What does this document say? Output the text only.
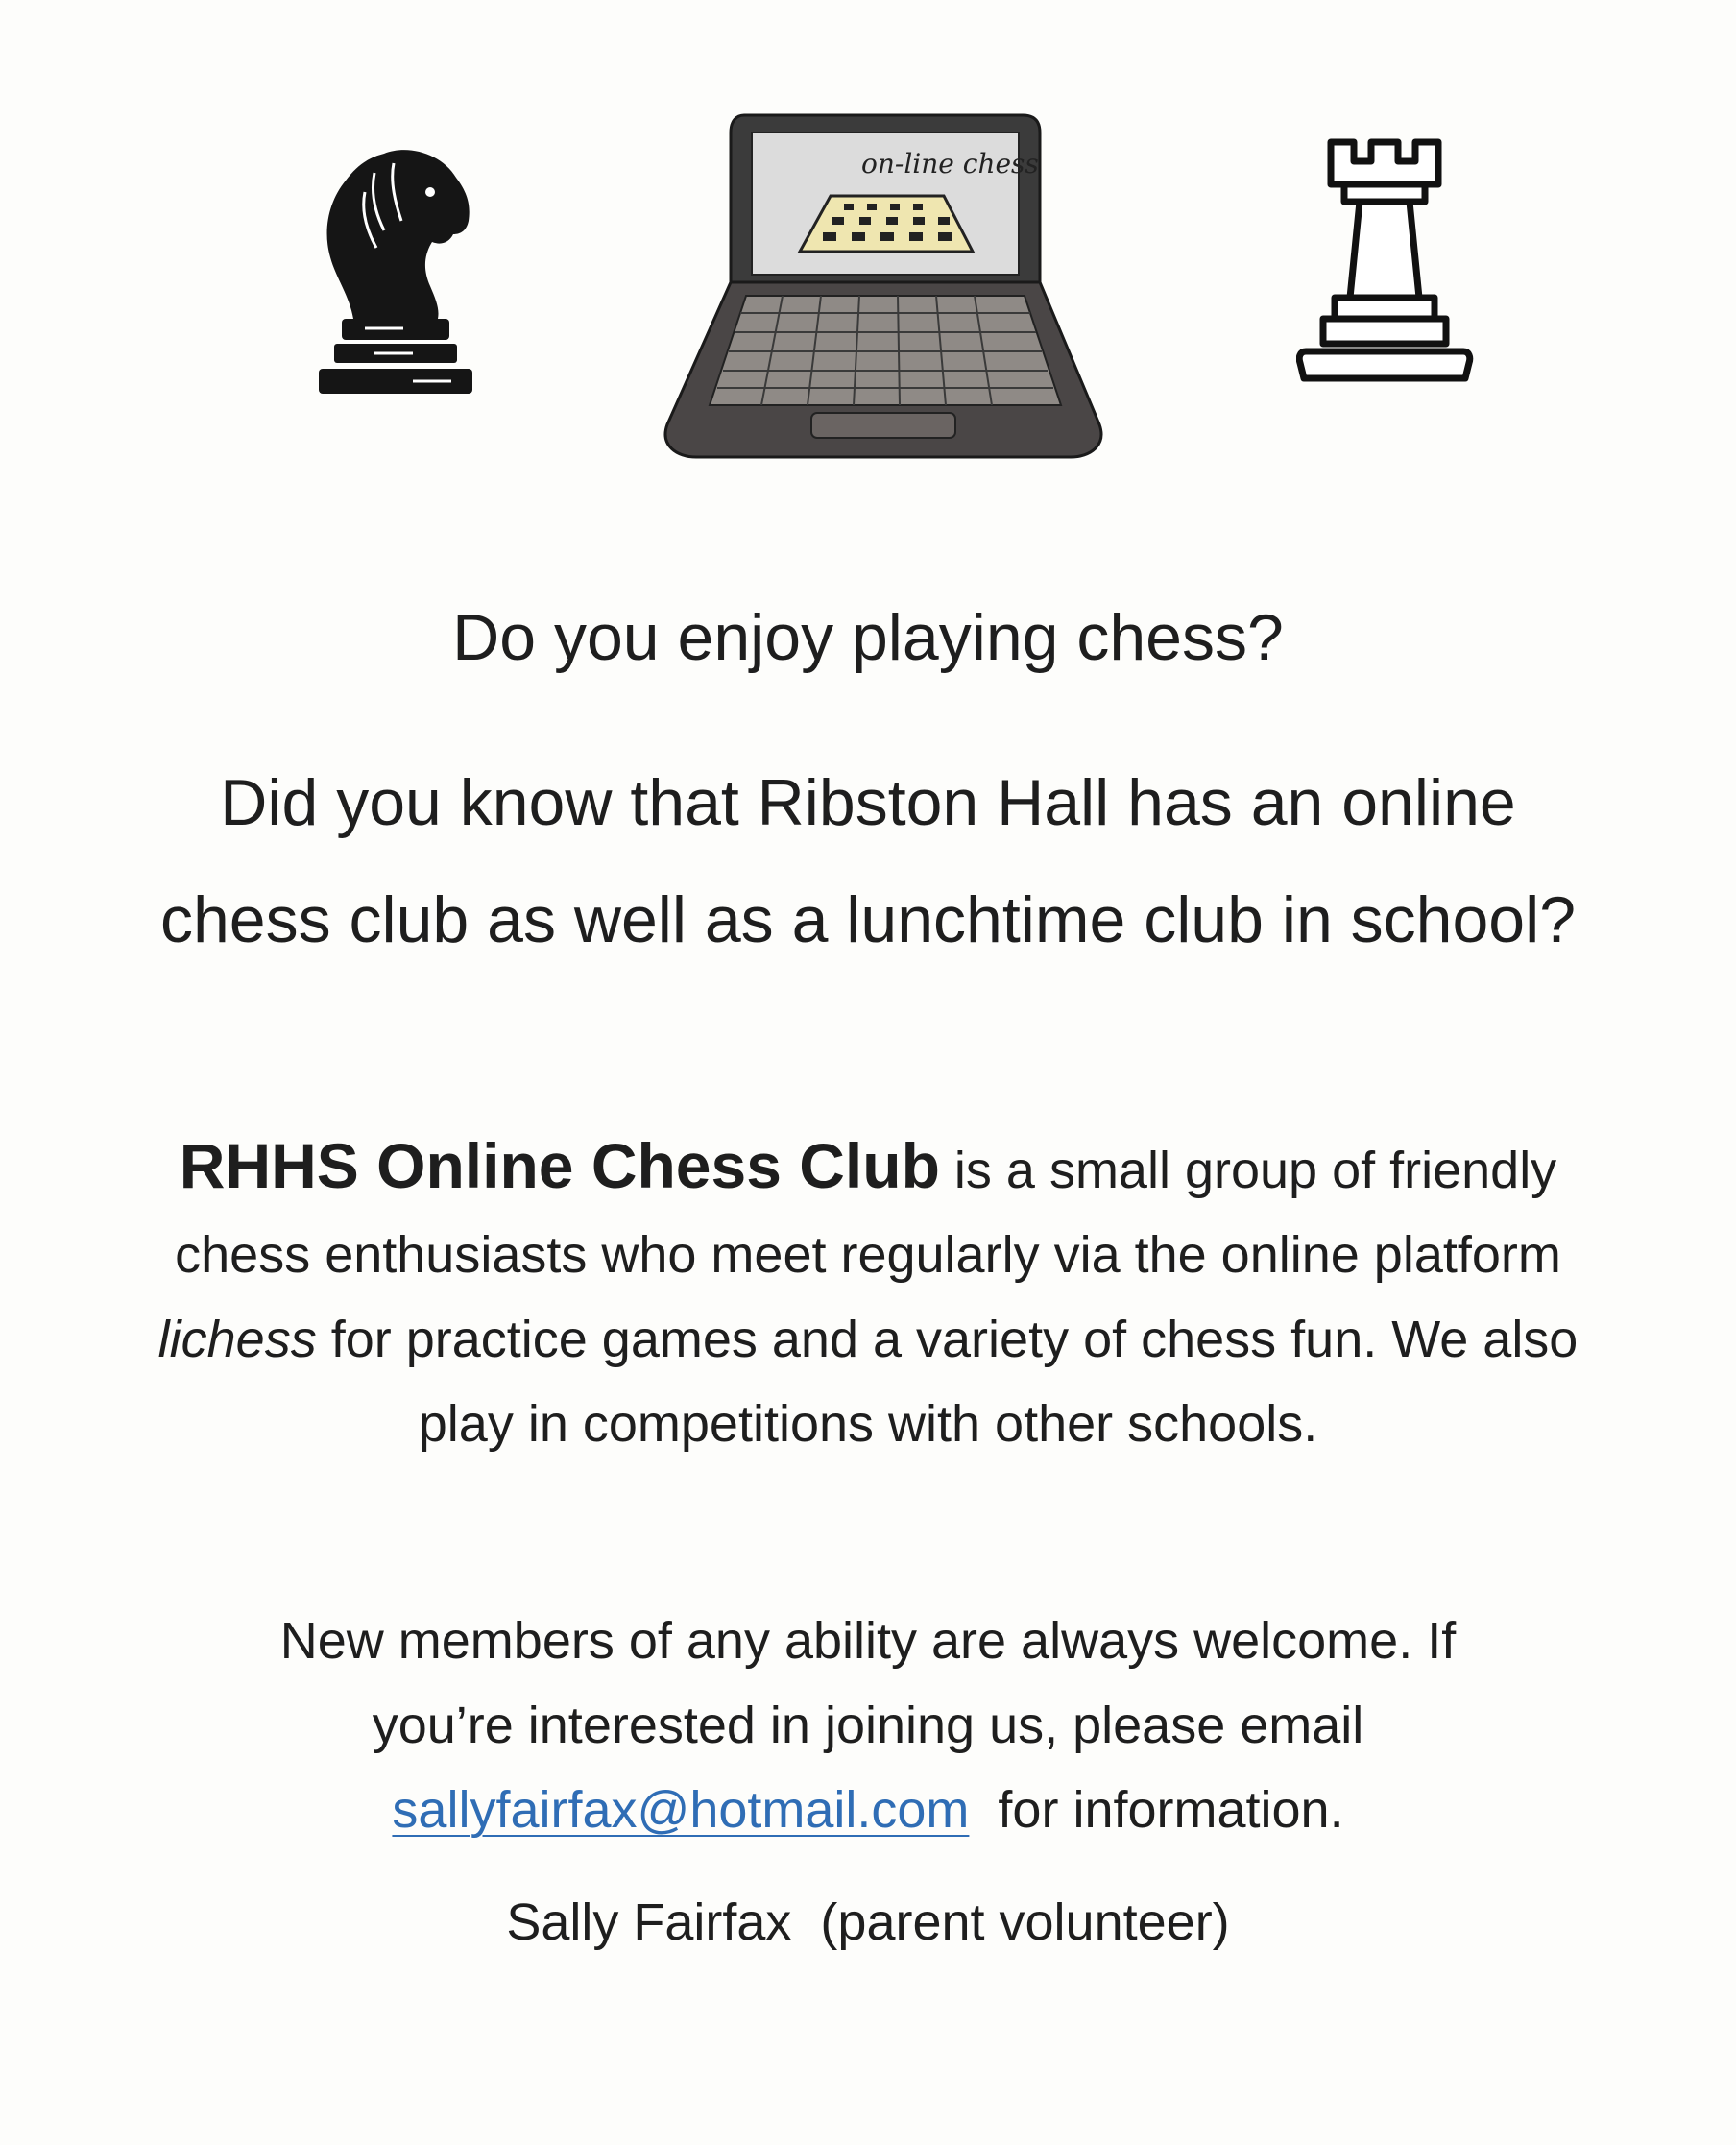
on-line chess
Do you enjoy playing chess?
Did you know that Ribston Hall has an online chess club as well as a lunchtime club in school?
RHHS Online Chess Club is a small group of friendly chess enthusiasts who meet regularly via the online platform lichess for practice games and a variety of chess fun. We also play in competitions with other schools.
New members of any ability are always welcome. If you’re interested in joining us, please email sallyfairfax@hotmail.com  for information.
Sally Fairfax  (parent volunteer)
